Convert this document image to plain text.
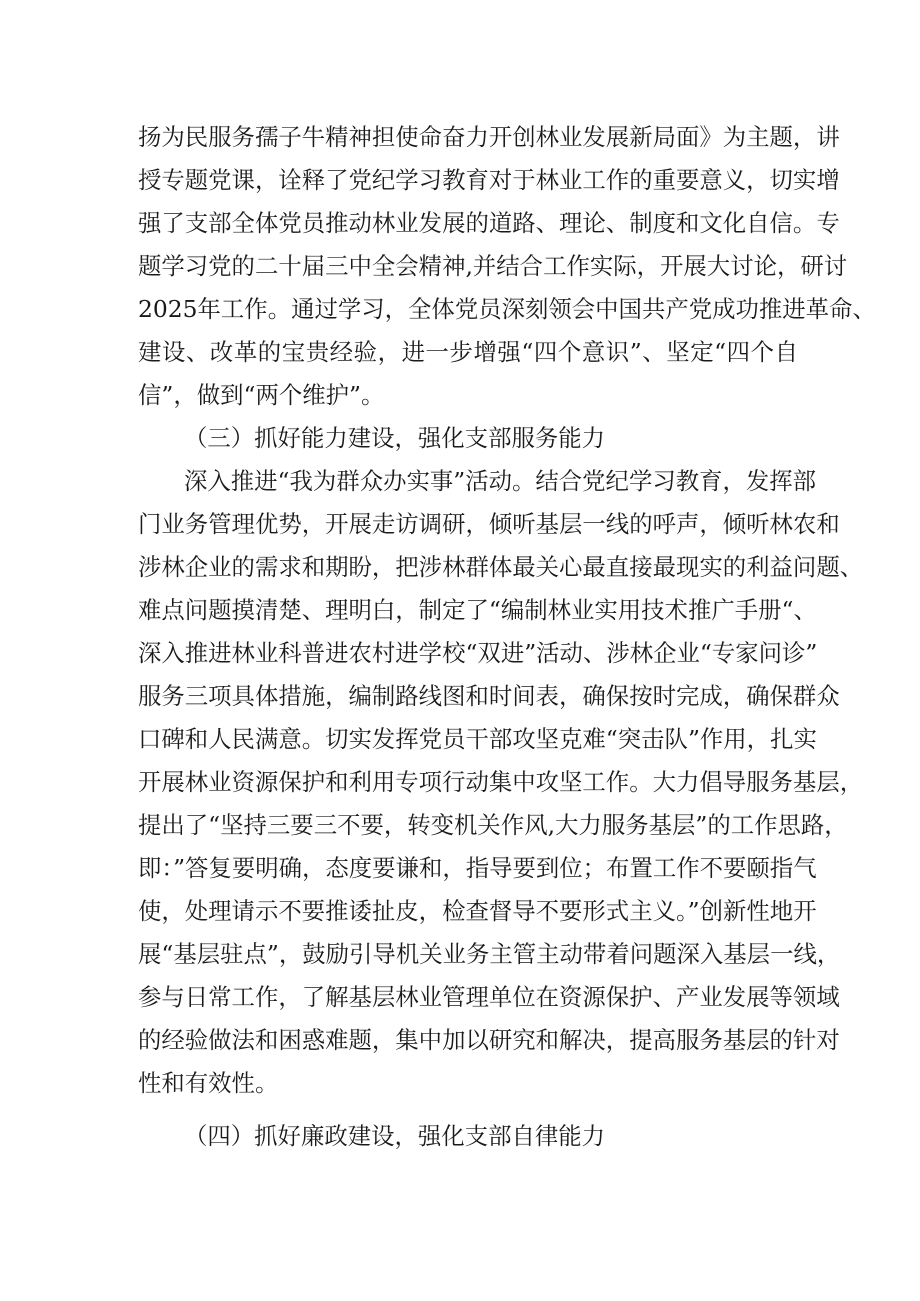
扬为民服务孺子牛精神担使命奋力开创林业发展新局面》为主题，讲
授专题党课，诠释了党纪学习教育对于林业工作的重要意义，切实增
强了支部全体党员推动林业发展的道路、理论、制度和文化自信。专
题学习党的二十届三中全会精神,并结合工作实际，开展大讨论，研讨
2025年工作。通过学习，全体党员深刻领会中国共产党成功推进革命、
建设、改革的宝贵经验，进一步增强“四个意识”、坚定“四个自
信”，做到“两个维护”。
（三）抓好能力建设，强化支部服务能力
深入推进“我为群众办实事”活动。结合党纪学习教育，发挥部
门业务管理优势，开展走访调研，倾听基层一线的呼声，倾听林农和
涉林企业的需求和期盼，把涉林群体最关心最直接最现实的利益问题、
难点问题摸清楚、理明白，制定了“编制林业实用技术推广手册“、
深入推进林业科普进农村进学校“双进”活动、涉林企业“专家问诊”
服务三项具体措施，编制路线图和时间表，确保按时完成，确保群众
口碑和人民满意。切实发挥党员干部攻坚克难“突击队”作用，扎实
开展林业资源保护和利用专项行动集中攻坚工作。大力倡导服务基层，
提出了“坚持三要三不要，转变机关作风,大力服务基层”的工作思路，
即：”答复要明确，态度要谦和，指导要到位；布置工作不要颐指气
使，处理请示不要推诿扯皮，检查督导不要形式主义。”创新性地开
展“基层驻点”，鼓励引导机关业务主管主动带着问题深入基层一线，
参与日常工作，了解基层林业管理单位在资源保护、产业发展等领域
的经验做法和困惑难题，集中加以研究和解决，提高服务基层的针对
性和有效性。
（四）抓好廉政建设，强化支部自律能力
